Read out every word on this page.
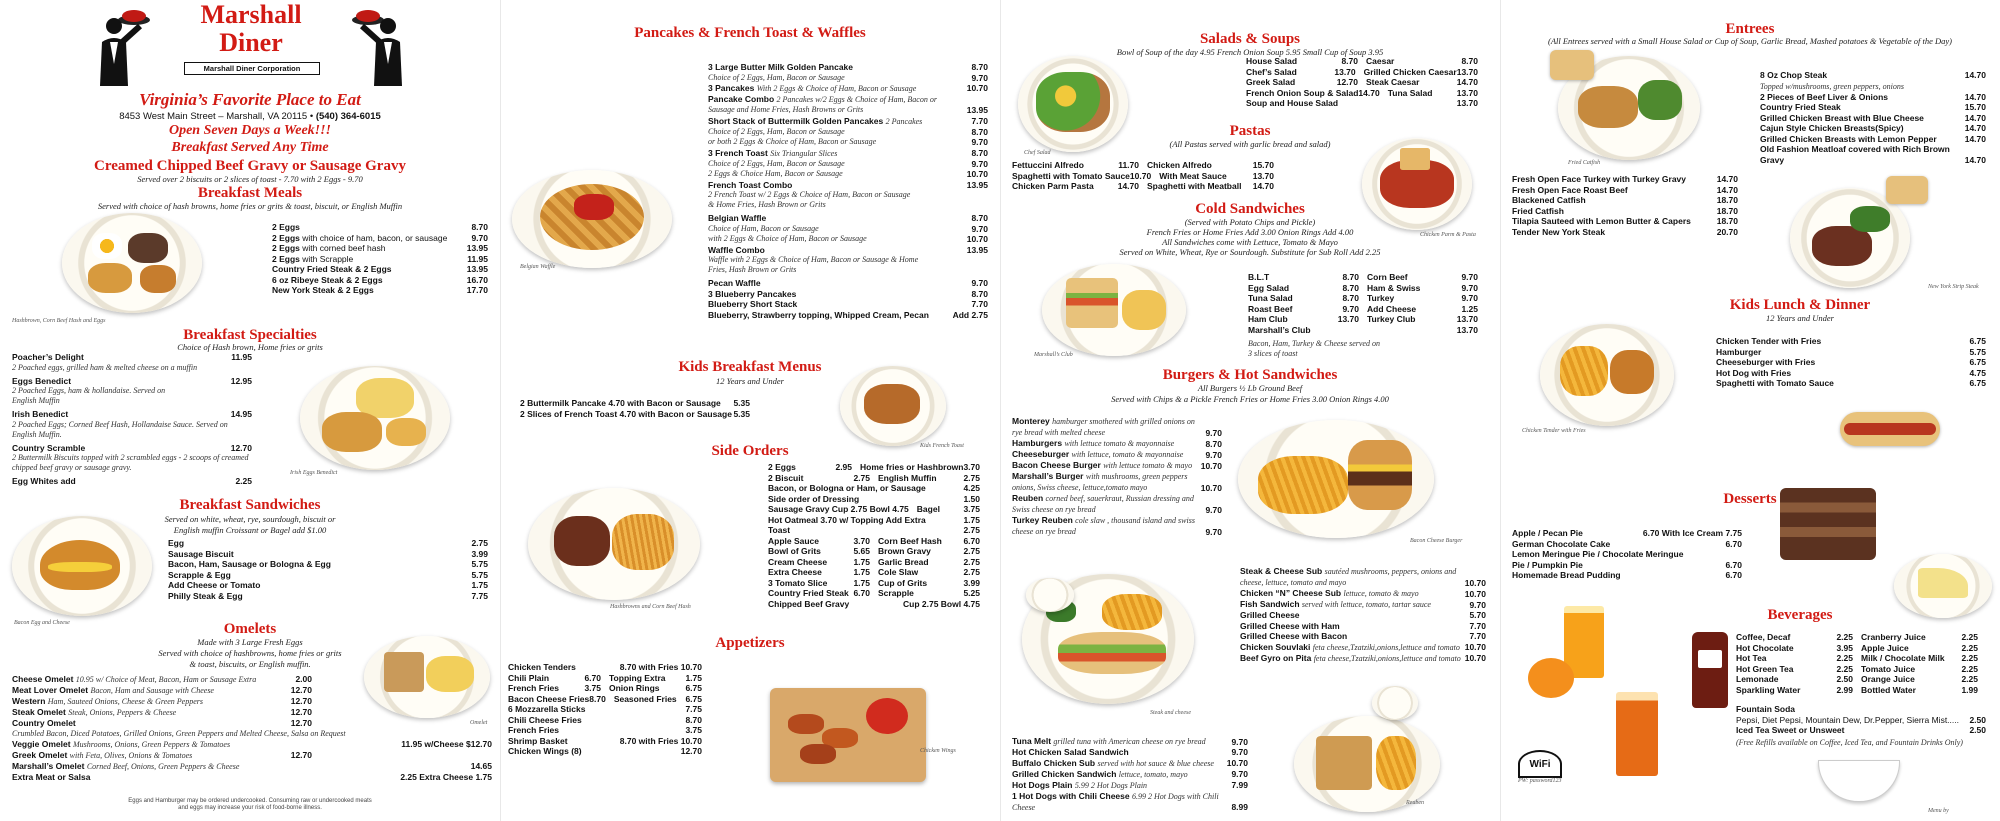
Marshall
Diner
Marshall Diner Corporation
Virginia’s Favorite Place to Eat
8453 West Main Street – Marshall, VA 20115 • (540) 364-6015
Open Seven Days a Week!!!
Breakfast Served Any Time
Creamed Chipped Beef Gravy or Sausage Gravy
Served over 2 biscuits or 2 slices of toast - 7.70 with 2 Eggs - 9.70
Breakfast Meals
Served with choice of hash browns, home fries or grits & toast, biscuit, or English Muffin
Hashbrown, Corn Beef Hash and Eggs
2 Eggs	8.70
2 Eggs with choice of ham, bacon, or sausage	9.70
2 Eggs with corned beef hash	13.95
2 Eggs with Scrapple	11.95
Country Fried Steak & 2 Eggs	13.95
6 oz Ribeye Steak & 2 Eggs	16.70
New York Steak & 2 Eggs	17.70
Breakfast Specialties
Choice of Hash brown, Home fries or grits
Poacher’s Delight	11.95
2 Poached eggs, grilled ham & melted cheese on a muffin
Eggs Benedict	12.95
2 Poached Eggs, ham & hollandaise. Served on English Muffin
Irish Benedict	14.95
2 Poached Eggs; Corned Beef Hash, Hollandaise Sauce. Served on English Muffin.
Country Scramble	12.70
2 Buttermilk Biscuits topped with 2 scrambled eggs - 2 scoops of creamed chipped beef gravy or sausage gravy.
Egg Whites add	2.25
Irish Eggs Benedict
Breakfast Sandwiches
Served on white, wheat, rye, sourdough, biscuit or
English muffin Croissant or Bagel add $1.00
Bacon Egg and Cheese
Egg	2.75
Sausage Biscuit	3.99
Bacon, Ham, Sausage or Bologna & Egg	5.75
Scrapple & Egg	5.75
Add Cheese or Tomato	1.75
Philly Steak & Egg	7.75
Omelets
Made with 3 Large Fresh Eggs
Served with choice of hashbrowns, home fries or grits
& toast, biscuits, or English muffin.
Omelet
Cheese Omelet 10.95 w/ Choice of Meat, Bacon, Ham or Sausage Extra	2.00
Meat Lover Omelet Bacon, Ham and Sausage with Cheese	12.70
Western Ham, Sauteed Onions, Cheese & Green Peppers	12.70
Steak Omelet Steak, Onions, Peppers & Cheese	12.70
Country Omelet	12.70
Crumbled Bacon, Diced Potatoes, Grilled Onions, Green Peppers and Melted Cheese, Salsa on Request
Veggie Omelet Mushrooms, Onions, Green Peppers & Tomatoes	11.95 w/Cheese $12.70
Greek Omelet with Feta, Olives, Onions & Tomatoes	12.70
Marshall’s Omelet Corned Beef, Onions, Green Peppers & Cheese	14.65
Extra Meat or Salsa	2.25 Extra Cheese 1.75
Eggs and Hamburger may be ordered undercooked. Consuming raw or undercooked meats
and eggs may increase your risk of food-borne illness.
Pancakes & French Toast & Waffles
Belgian Waffle
3 Large Butter Milk Golden Pancake	8.70
Choice of 2 Eggs, Ham, Bacon or Sausage	9.70
3 Pancakes With 2 Eggs & Choice of Ham, Bacon or Sausage	10.70
Pancake Combo 2 Pancakes w/2 Eggs & Choice of Ham, Bacon or
Sausage and Home Fries, Hash Browns or Grits	13.95
Short Stack of Buttermilk Golden Pancakes 2 Pancakes	7.70
Choice of 2 Eggs, Ham, Bacon or Sausage	8.70
or both 2 Eggs & Choice of Ham, Bacon or Sausage	9.70
3 French Toast Six Triangular Slices	8.70
Choice of 2 Eggs, Ham, Bacon or Sausage	9.70
2 Eggs & Choice Ham, Bacon or Sausage	10.70
French Toast Combo	13.95
2 French Toast w/ 2 Eggs & Choice of Ham, Bacon or Sausage
& Home Fries, Hash Brown or Grits
Belgian Waffle	8.70
Choice of Ham, Bacon or Sausage	9.70
with 2 Eggs & Choice of Ham, Bacon or Sausage	10.70
Waffle Combo	13.95
Waffle with 2 Eggs & Choice of Ham, Bacon or Sausage & Home
Fries, Hash Brown or Grits
Pecan Waffle	9.70
3 Blueberry Pancakes	8.70
Blueberry Short Stack	7.70
Blueberry, Strawberry topping, Whipped Cream, Pecan	Add 2.75
Kids Breakfast Menus
12 Years and Under
2 Buttermilk Pancake 4.70 with Bacon or Sausage 5.35
2 Slices of French Toast 4.70 with Bacon or Sausage 5.35
Kids French Toast
Side Orders
Hashbrowns and Corn Beef Hash
2 Eggs	2.95 Home fries or Hashbrown 3.70
2 Biscuit	2.75 English Muffin	2.75
Bacon, or Bologna or Ham, or Sausage	4.25
Side order of Dressing	1.50
Sausage Gravy Cup 2.75 Bowl 4.75 Bagel	3.75
Hot Oatmeal 3.70 w/ Topping Add Extra	1.75
Toast	2.75
Apple Sauce	3.70 Corn Beef Hash	6.70
Bowl of Grits	5.65 Brown Gravy	2.75
Cream Cheese	1.75 Garlic Bread	2.75
Extra Cheese	1.75 Cole Slaw	2.75
3 Tomato Slice	1.75 Cup of Grits	3.99
Country Fried Steak 6.70 Scrapple	5.25
Chipped Beef Gravy	Cup 2.75 Bowl 4.75
Appetizers
Chicken Tenders	8.70 with Fries 10.70
Chili Plain	6.70 Topping Extra 1.75
French Fries	3.75 Onion Rings	6.75
Bacon Cheese Fries 8.70 Seasoned Fries 6.75
6 Mozzarella Sticks	7.75
Chili Cheese Fries	8.70
French Fries	3.75
Shrimp Basket	8.70 with Fries 10.70
Chicken Wings (8)	12.70	Chicken Wings
Salads & Soups
Bowl of Soup of the day 4.95 French Onion Soup 5.95 Small Cup of Soup 3.95
Chef Salad
House Salad	8.70 Caesar	8.70
Chef’s Salad	13.70 Grilled Chicken Caesar 13.70
Greek Salad	12.70 Steak Caesar	14.70
French Onion Soup & Salad 14.70 Tuna Salad	13.70
Soup and House Salad	13.70
Pastas
(All Pastas served with garlic bread and salad)
Fettuccini Alfredo	11.70 Chicken Alfredo	15.70
Spaghetti with Tomato Sauce 10.70 With Meat Sauce	13.70
Chicken Parm Pasta	14.70 Spaghetti with Meatball 14.70
Chicken Parm & Pasta
Cold Sandwiches
(Served with Potato Chips and Pickle)
French Fries or Home Fries Add 3.00 Onion Rings Add 4.00
All Sandwiches come with Lettuce, Tomato & Mayo
Served on White, Wheat, Rye or Sourdough. Substitute for Sub Roll Add 2.25
Marshall’s Club
B.L.T	8.70 Corn Beef	9.70
Egg Salad	8.70 Ham & Swiss	9.70
Tuna Salad	8.70 Turkey	9.70
Roast Beef	9.70 Add Cheese	1.25
Ham Club	13.70 Turkey Club	13.70
Marshall’s Club	13.70
Bacon, Ham, Turkey & Cheese served on
3 slices of toast
Burgers & Hot Sandwiches
All Burgers ½ Lb Ground Beef
Served with Chips & a Pickle French Fries or Home Fries 3.00 Onion Rings 4.00
Monterey hamburger smothered with grilled onions on rye bread with melted cheese	9.70
Hamburgers with lettuce tomato & mayonnaise	8.70
Cheeseburger with lettuce, tomato & mayonnaise	9.70
Bacon Cheese Burger with lettuce tomato & mayo 10.70
Marshall’s Burger with mushrooms, green peppers onions, Swiss cheese, lettuce,tomato mayo	10.70
Reuben corned beef, sauerkraut, Russian dressing and Swiss cheese on rye bread	9.70
Turkey Reuben cole slaw , thousand island and swiss cheese on rye bread	9.70
Bacon Cheese Burger
Steak and cheese
Steak & Cheese Sub sautéed mushrooms, peppers, onions and cheese, lettuce, tomato and mayo	10.70
Chicken “N” Cheese Sub lettuce, tomato & mayo	10.70
Fish Sandwich served with lettuce, tomato, tartar sauce	9.70
Grilled Cheese	5.70
Grilled Cheese with Ham	7.70
Grilled Cheese with Bacon	7.70
Chicken Souvlaki feta cheese,Tzatziki,onions,lettuce and tomato 10.70
Beef Gyro on Pita feta cheese,Tzatziki,onions,lettuce and tomato 10.70
Tuna Melt grilled tuna with American cheese on rye bread	9.70
Hot Chicken Salad Sandwich	9.70
Buffalo Chicken Sub served with hot sauce & blue cheese 10.70
Grilled Chicken Sandwich lettuce, tomato, mayo	9.70
Hot Dogs Plain 5.99 2 Hot Dogs Plain	7.99
1 Hot Dogs with Chili Cheese 6.99 2 Hot Dogs with Chili Cheese	8.99	Reuben
Entrees
(All Entrees served with a Small House Salad or Cup of Soup, Garlic Bread, Mashed potatoes & Vegetable of the Day)
Fried Catfish
8 Oz Chop Steak	14.70
Topped w/mushrooms, green peppers, onions
2 Pieces of Beef Liver & Onions	14.70
Country Fried Steak	15.70
Grilled Chicken Breast with Blue Cheese	14.70
Cajun Style Chicken Breasts(Spicy)	14.70
Grilled Chicken Breasts with Lemon Pepper	14.70
Old Fashion Meatloaf covered with Rich Brown Gravy	14.70
Fresh Open Face Turkey with Turkey Gravy	14.70
Fresh Open Face Roast Beef	14.70
Blackened Catfish	18.70
Fried Catfish	18.70
Tilapia Sauteed with Lemon Butter & Capers	18.70
Tender New York Steak	20.70
New York Strip Steak
Kids Lunch & Dinner
12 Years and Under
Chicken Tender with Fries
Chicken Tender with Fries	6.75
Hamburger	5.75
Cheeseburger with Fries	6.75
Hot Dog with Fries	4.75
Spaghetti with Tomato Sauce	6.75
Desserts
Apple / Pecan Pie	6.70 With Ice Cream 7.75
German Chocolate Cake	6.70
Lemon Meringue Pie / Chocolate Meringue
Pie / Pumpkin Pie	6.70
Homemade Bread Pudding	6.70
Beverages
Coffee, Decaf	2.25 Cranberry Juice	2.25
Hot Chocolate	3.95 Apple Juice	2.25
Hot Tea	2.25 Milk / Chocolate Milk 2.25
Hot Green Tea	2.25 Tomato Juice	2.25
Lemonade	2.50 Orange Juice	2.25
Sparkling Water	2.99 Bottled Water	1.99
Fountain Soda
Pepsi, Diet Pepsi, Mountain Dew, Dr.Pepper, Sierra Mist..... 2.50
Iced Tea Sweet or Unsweet	2.50
(Free Refills available on Coffee, Iced Tea, and Fountain Drinks Only)
WiFi
PW: password123
Menu by
